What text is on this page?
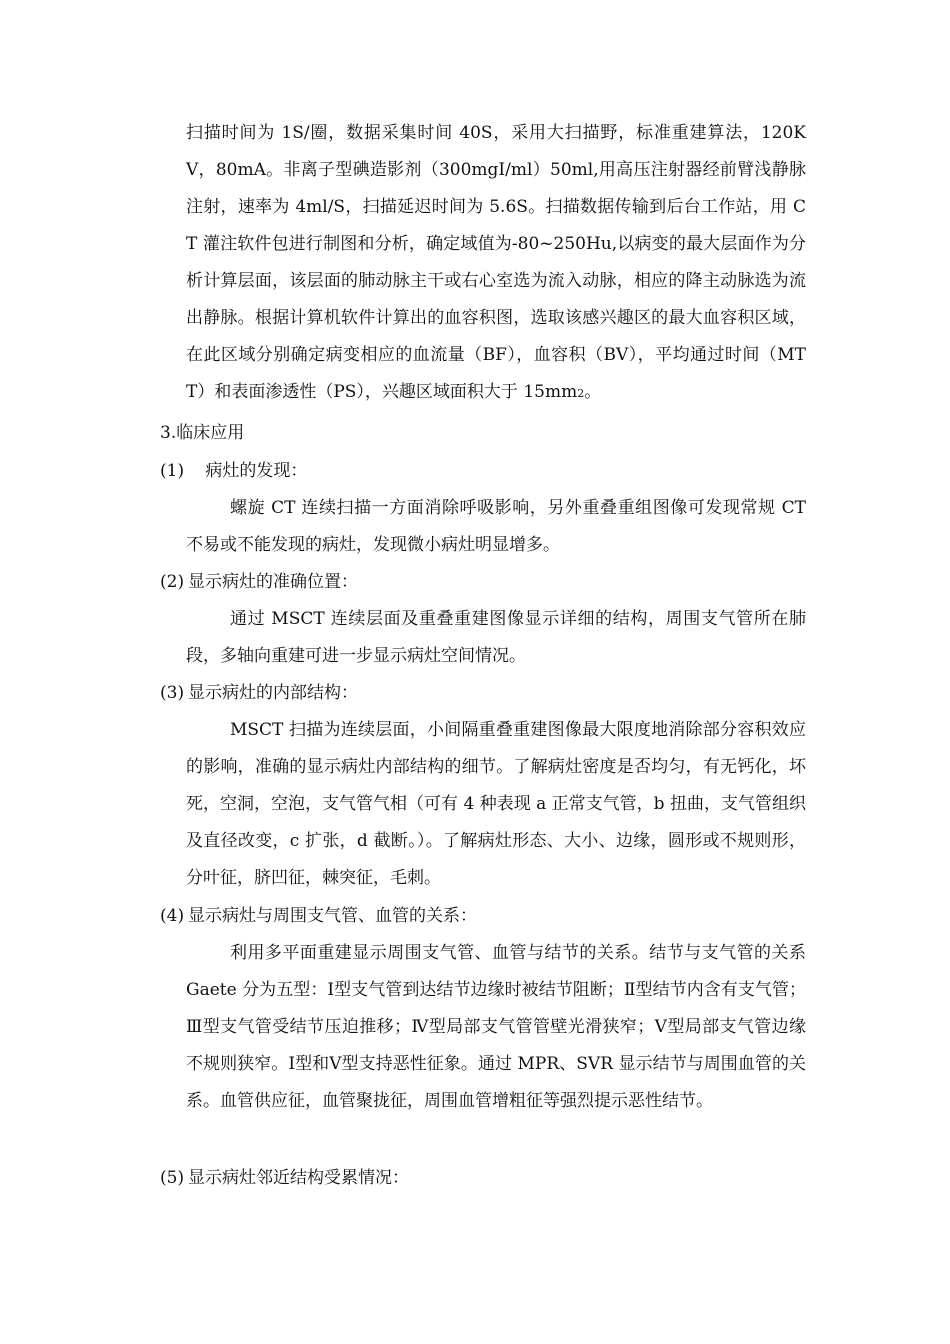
扫描时间为 1S/圈，数据采集时间 40S，采用大扫描野，标准重建算法，120KV，80mA。非离子型碘造影剂（300mgI/ml）50ml,用高压注射器经前臂浅静脉注射，速率为 4ml/S，扫描延迟时间为 5.6S。扫描数据传输到后台工作站，用 CT 灌注软件包进行制图和分析，确定域值为-80~250Hu,以病变的最大层面作为分析计算层面，该层面的肺动脉主干或右心室选为流入动脉，相应的降主动脉选为流出静脉。根据计算机软件计算出的血容积图，选取该感兴趣区的最大血容积区域，在此区域分别确定病变相应的血流量（BF），血容积（BV），平均通过时间（MTT）和表面渗透性（PS），兴趣区域面积大于 15mm2。

3.临床应用

(1) 病灶的发现：

螺旋 CT 连续扫描一方面消除呼吸影响，另外重叠重组图像可发现常规 CT 不易或不能发现的病灶，发现微小病灶明显增多。

(2) 显示病灶的准确位置：

通过 MSCT 连续层面及重叠重建图像显示详细的结构，周围支气管所在肺段，多轴向重建可进一步显示病灶空间情况。

(3) 显示病灶的内部结构：

MSCT 扫描为连续层面，小间隔重叠重建图像最大限度地消除部分容积效应的影响，准确的显示病灶内部结构的细节。了解病灶密度是否均匀，有无钙化，坏死，空洞，空泡，支气管气相（可有 4 种表现 a 正常支气管，b 扭曲，支气管组织及直径改变，c 扩张，d 截断。）。了解病灶形态、大小、边缘，圆形或不规则形，分叶征，脐凹征，棘突征，毛刺。

(4) 显示病灶与周围支气管、血管的关系：

利用多平面重建显示周围支气管、血管与结节的关系。结节与支气管的关系 Gaete 分为五型：Ⅰ型支气管到达结节边缘时被结节阻断；Ⅱ型结节内含有支气管；Ⅲ型支气管受结节压迫推移；Ⅳ型局部支气管管壁光滑狭窄；Ⅴ型局部支气管边缘不规则狭窄。Ⅰ型和Ⅴ型支持恶性征象。通过 MPR、SVR 显示结节与周围血管的关系。血管供应征，血管聚拢征，周围血管增粗征等强烈提示恶性结节。

(5) 显示病灶邻近结构受累情况：
